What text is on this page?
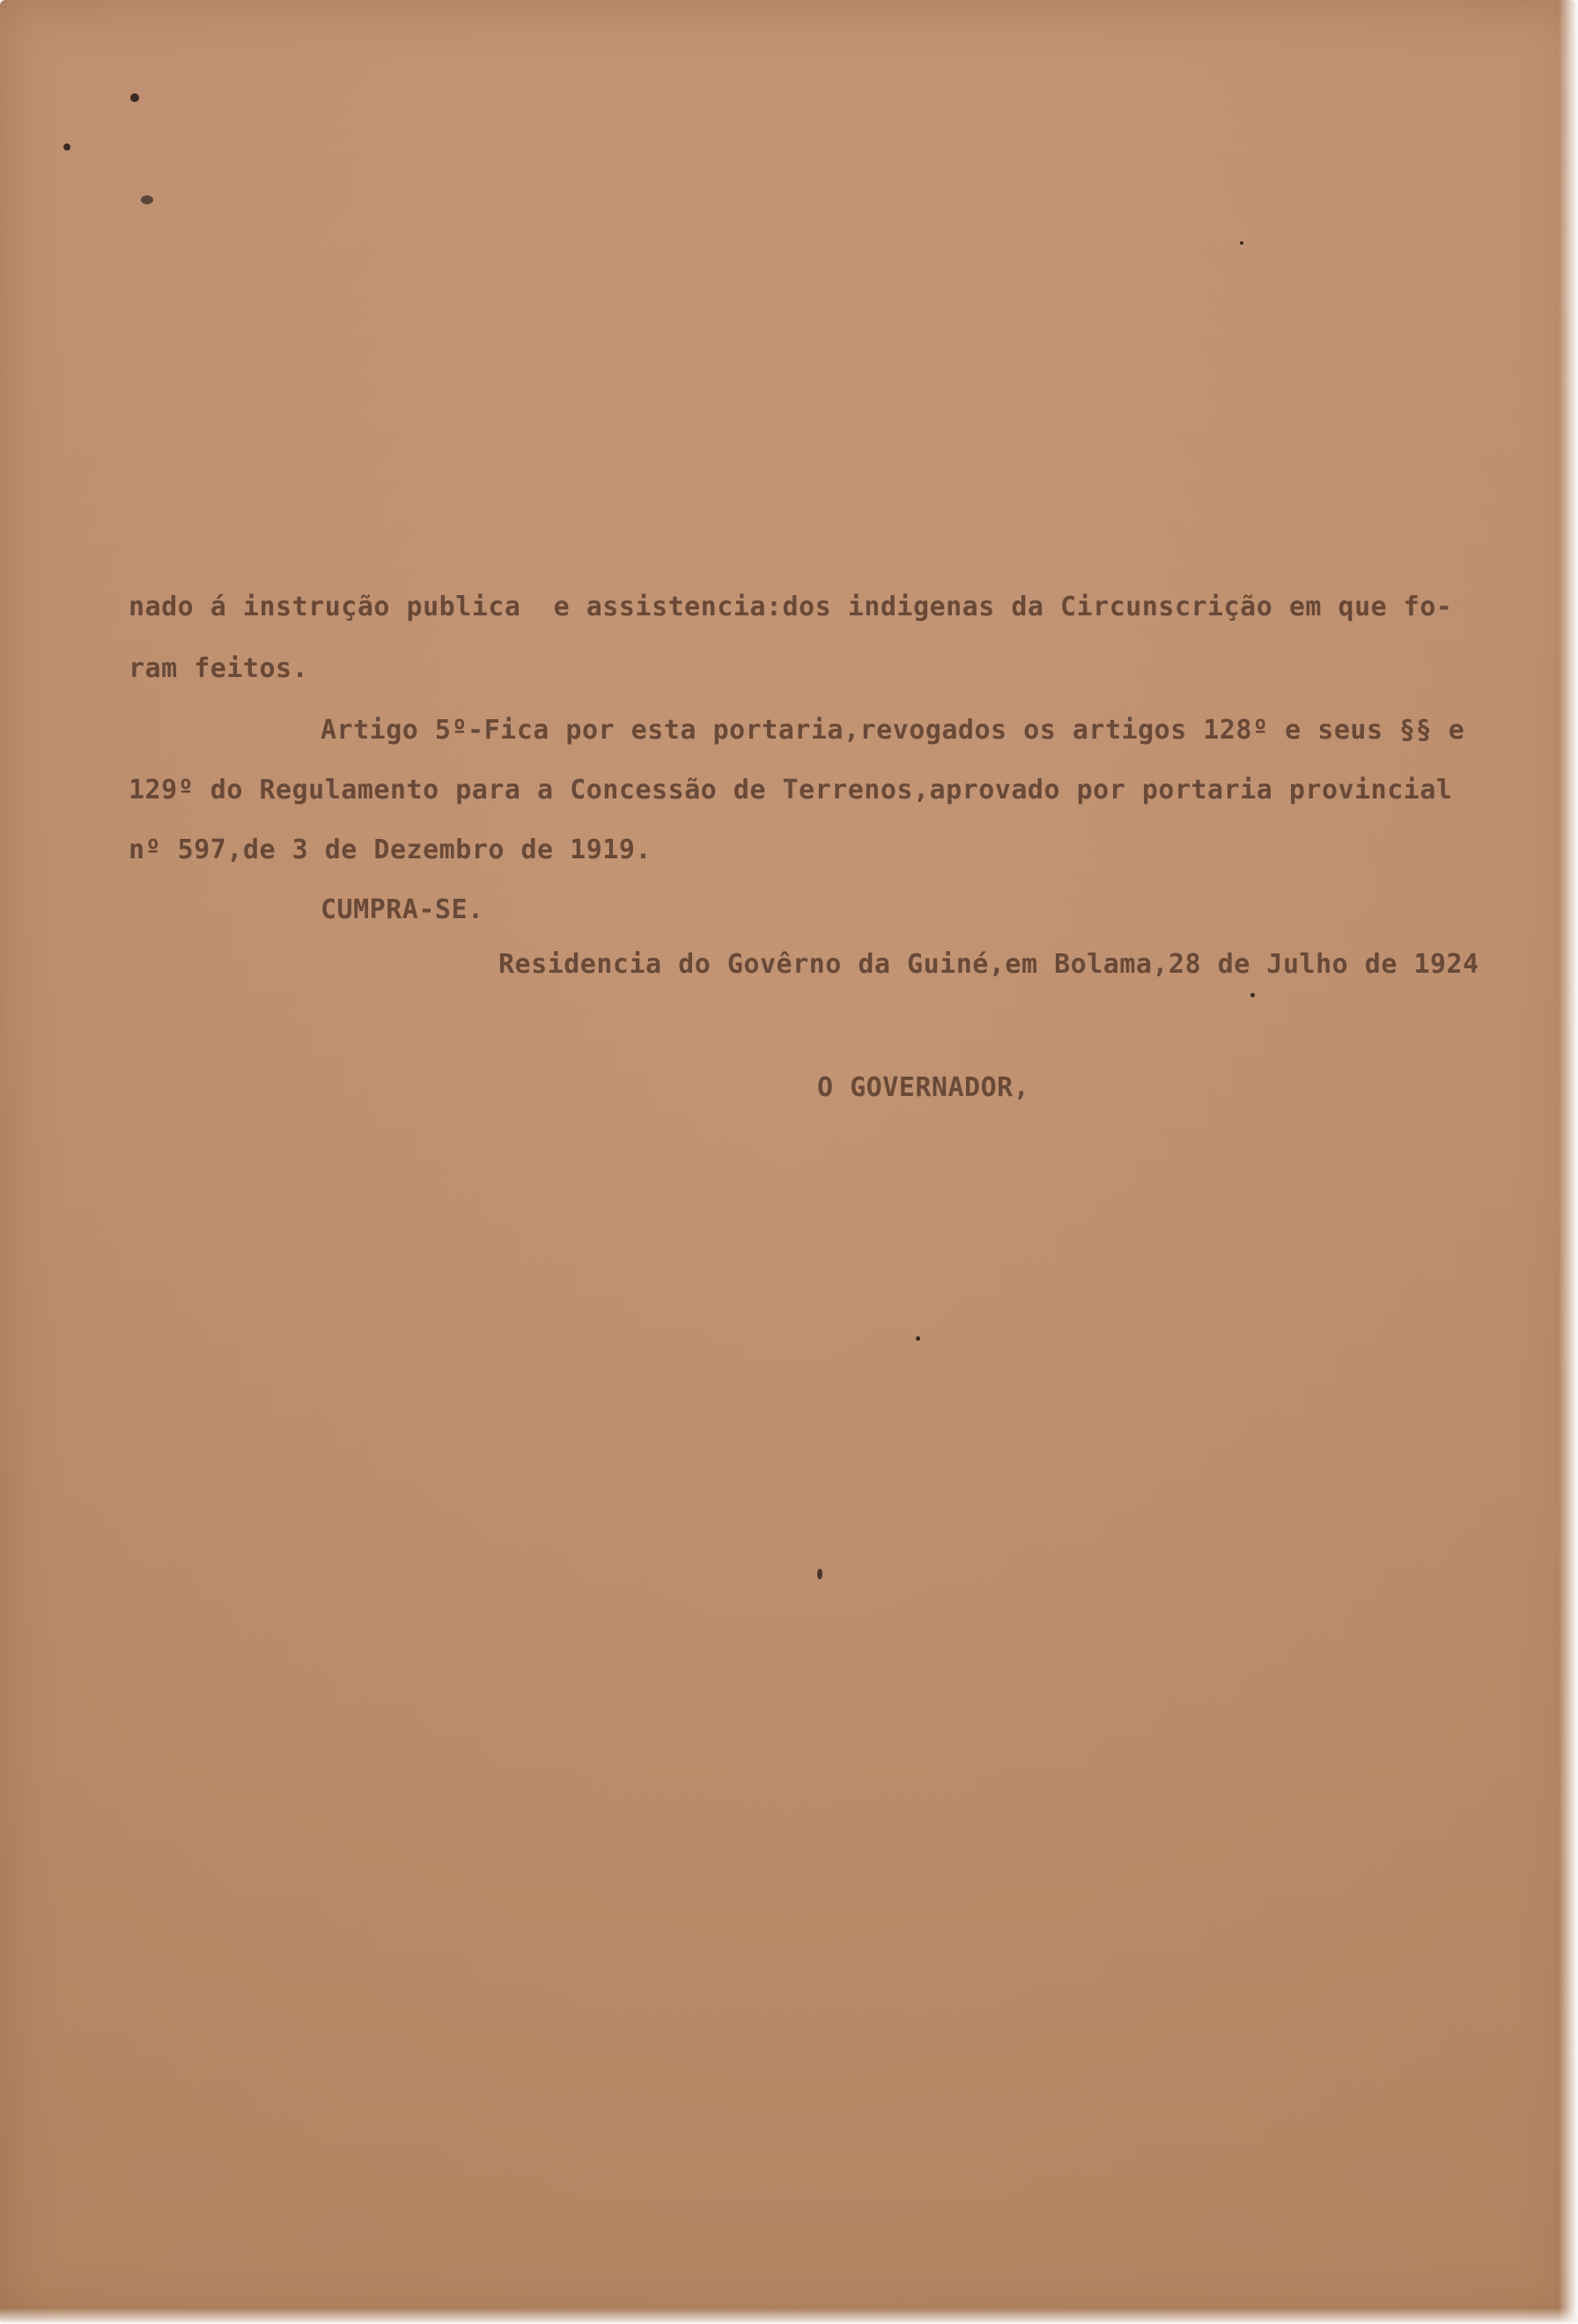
nado á instrução publica  e assistencia:dos indigenas da Circunscrição em que fo-
ram feitos.
Artigo 5º-Fica por esta portaria,revogados os artigos 128º e seus §§ e
129º do Regulamento para a Concessão de Terrenos,aprovado por portaria provincial
nº 597,de 3 de Dezembro de 1919.
CUMPRA-SE.
Residencia do Govêrno da Guiné,em Bolama,28 de Julho de 1924
O GOVERNADOR,
